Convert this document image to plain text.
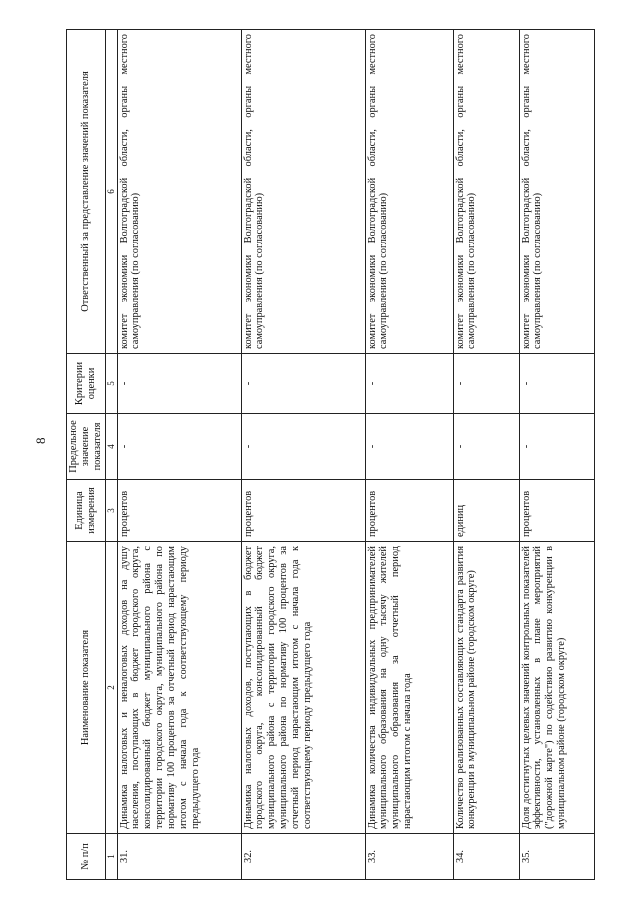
8
№ п/п	Наименование показателя	Единица измерения	Предельное значение показателя	Критерии оценки	Ответственный за представление значений показателя
1	2	3	4	5	6
31.	Динамика налоговых и неналоговых доходов на душу населения, поступающих в бюджет городского округа, консолидированный бюджет муниципального района с территории городского округа, муниципального района по нормативу 100 процентов за отчетный период нарастающим итогом с начала года к соответствующему периоду предыдущего года	процентов	-	-	комитет экономики Волгоградской области, органы местного самоуправления (по согласованию)
32.	Динамика налоговых доходов, поступающих в бюджет городского округа, консолидированный бюджет муниципального района с территории городского округа, муниципального района по нормативу 100 процентов за отчетный период нарастающим итогом с начала года к соответствующему периоду предыдущего года	процентов	-	-	комитет экономики Волгоградской области, органы местного самоуправления (по согласованию)
33.	Динамика количества индивидуальных предпринимателей муниципального образования на одну тысячу жителей муниципального образования за отчетный период нарастающим итогом с начала года	процентов	-	-	комитет экономики Волгоградской области, органы местного самоуправления (по согласованию)
34.	Количество реализованных составляющих стандарта развития конкуренции в муниципальном районе (городском округе)	единиц	-	-	комитет экономики Волгоградской области, органы местного самоуправления (по согласованию)
35.	Доля достигнутых целевых значений контрольных показателей эффективности, установленных в плане мероприятий ("дорожной карте") по содействию развитию конкуренции в муниципальном районе (городском округе)	процентов	-	-	комитет экономики Волгоградской области, органы местного самоуправления (по согласованию)
